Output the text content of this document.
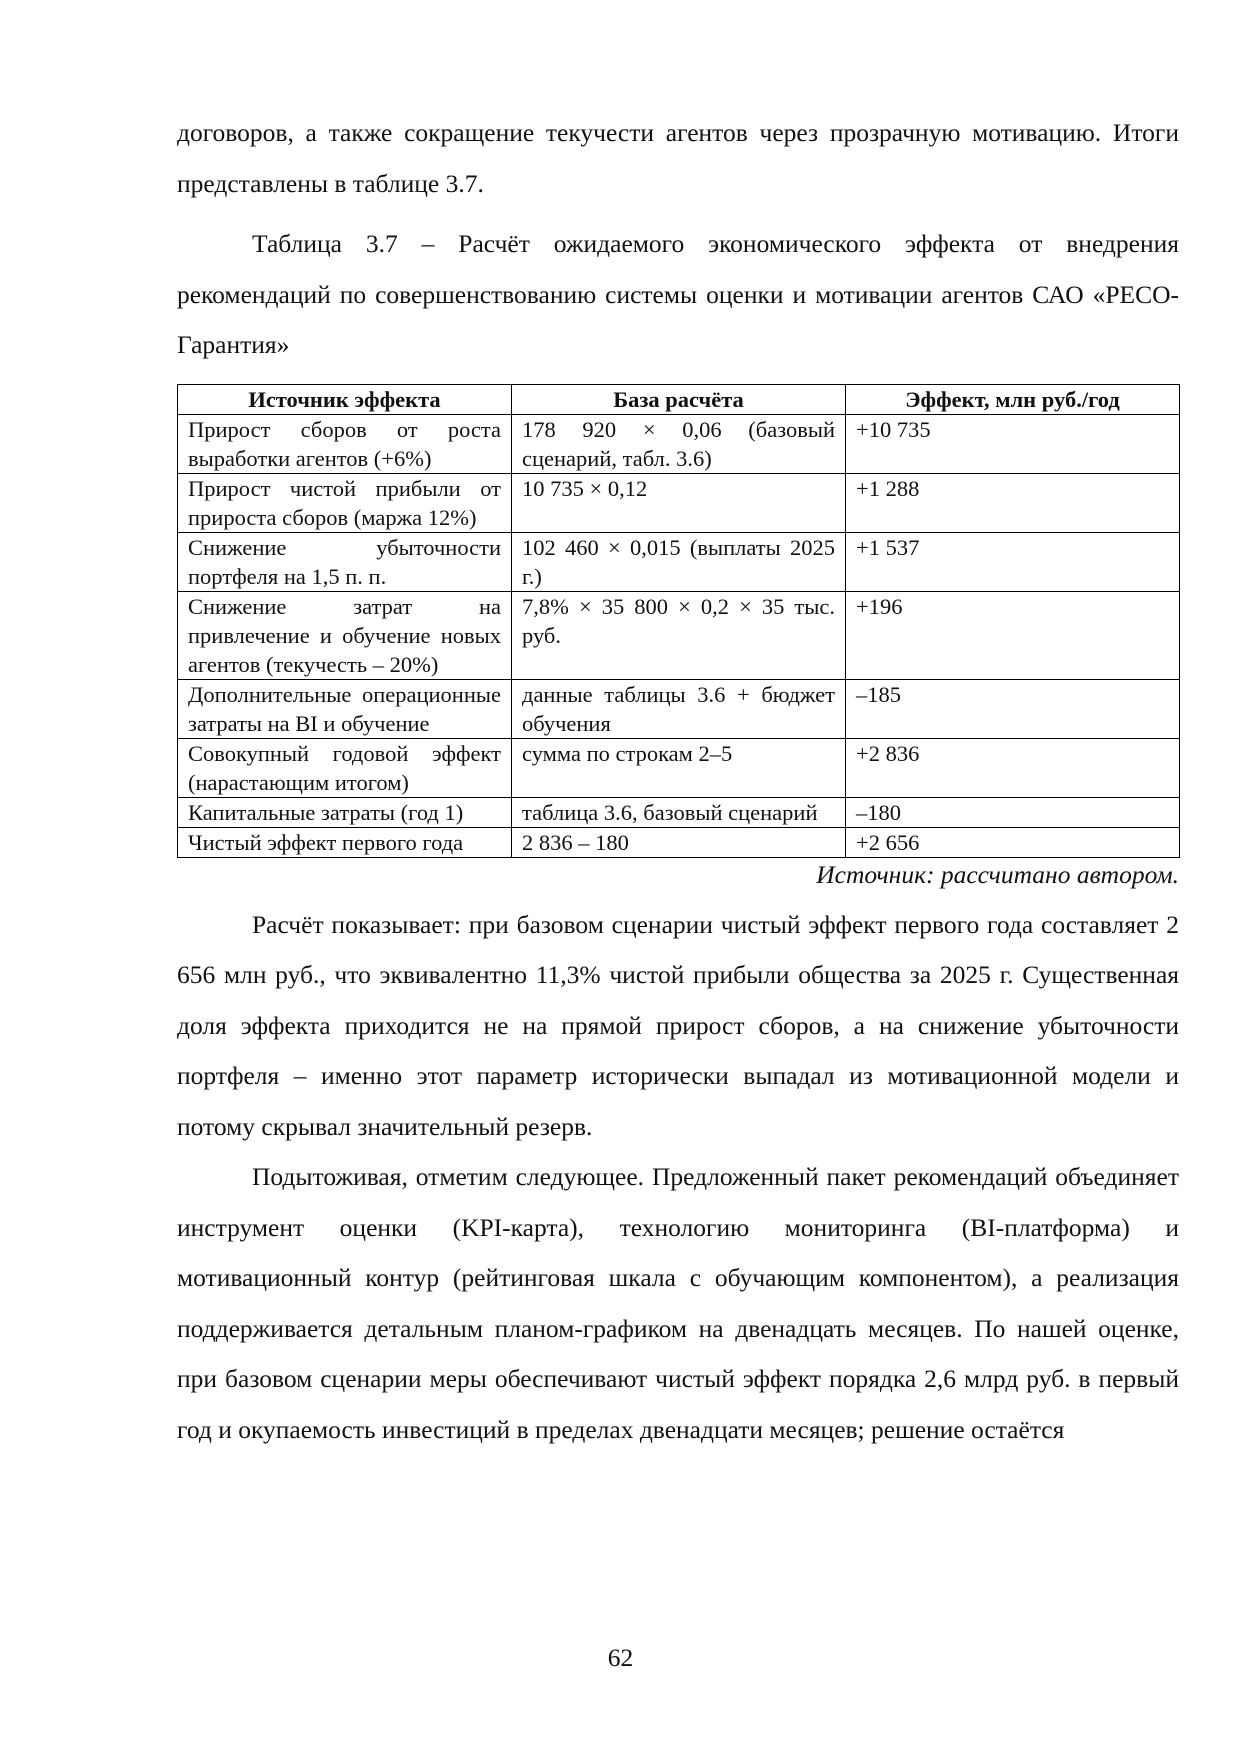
договоров, а также сокращение текучести агентов через прозрачную мотивацию. Итоги представлены в таблице 3.7.

Таблица 3.7 – Расчёт ожидаемого экономического эффекта от внедрения рекомендаций по совершенствованию системы оценки и мотивации агентов САО «РЕСО-Гарантия»

Источник эффекта	База расчёта	Эффект, млн руб./год
Прирост сборов от роста выработки агентов (+6%)	178 920 × 0,06 (базовый сценарий, табл. 3.6)	+10 735
Прирост чистой прибыли от прироста сборов (маржа 12%)	10 735 × 0,12	+1 288
Снижение убыточности портфеля на 1,5 п. п.	102 460 × 0,015 (выплаты 2025 г.)	+1 537
Снижение затрат на привлечение и обучение новых агентов (текучесть – 20%)	7,8% × 35 800 × 0,2 × 35 тыс. руб.	+196
Дополнительные операционные затраты на BI и обучение	данные таблицы 3.6 + бюджет обучения	–185
Совокупный годовой эффект (нарастающим итогом)	сумма по строкам 2–5	+2 836
Капитальные затраты (год 1)	таблица 3.6, базовый сценарий	–180
Чистый эффект первого года	2 836 – 180	+2 656

Источник: рассчитано автором.

Расчёт показывает: при базовом сценарии чистый эффект первого года составляет 2 656 млн руб., что эквивалентно 11,3% чистой прибыли общества за 2025 г. Существенная доля эффекта приходится не на прямой прирост сборов, а на снижение убыточности портфеля – именно этот параметр исторически выпадал из мотивационной модели и потому скрывал значительный резерв.

Подытоживая, отметим следующее. Предложенный пакет рекомендаций объединяет инструмент оценки (KPI-карта), технологию мониторинга (BI-платформа) и мотивационный контур (рейтинговая шкала с обучающим компонентом), а реализация поддерживается детальным планом-графиком на двенадцать месяцев. По нашей оценке, при базовом сценарии меры обеспечивают чистый эффект порядка 2,6 млрд руб. в первый год и окупаемость инвестиций в пределах двенадцати месяцев; решение остаётся

62
